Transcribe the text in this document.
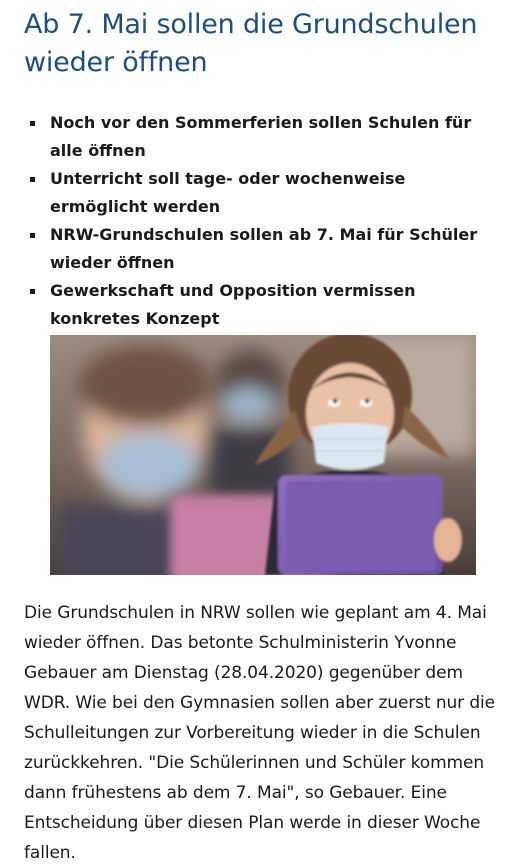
Ab 7. Mai sollen die Grundschulen wieder öffnen
Noch vor den Sommerferien sollen Schulen für alle öffnen
Unterricht soll tage- oder wochenweise ermöglicht werden
NRW-Grundschulen sollen ab 7. Mai für Schüler wieder öffnen
Gewerkschaft und Opposition vermissen konkretes Konzept

Die Grundschulen in NRW sollen wie geplant am 4. Mai wieder öffnen. Das betonte Schulministerin Yvonne Gebauer am Dienstag (28.04.2020) gegenüber dem WDR. Wie bei den Gymnasien sollen aber zuerst nur die Schulleitungen zur Vorbereitung wieder in die Schulen zurückkehren. "Die Schülerinnen und Schüler kommen dann frühestens ab dem 7. Mai", so Gebauer. Eine Entscheidung über diesen Plan werde in dieser Woche fallen.
